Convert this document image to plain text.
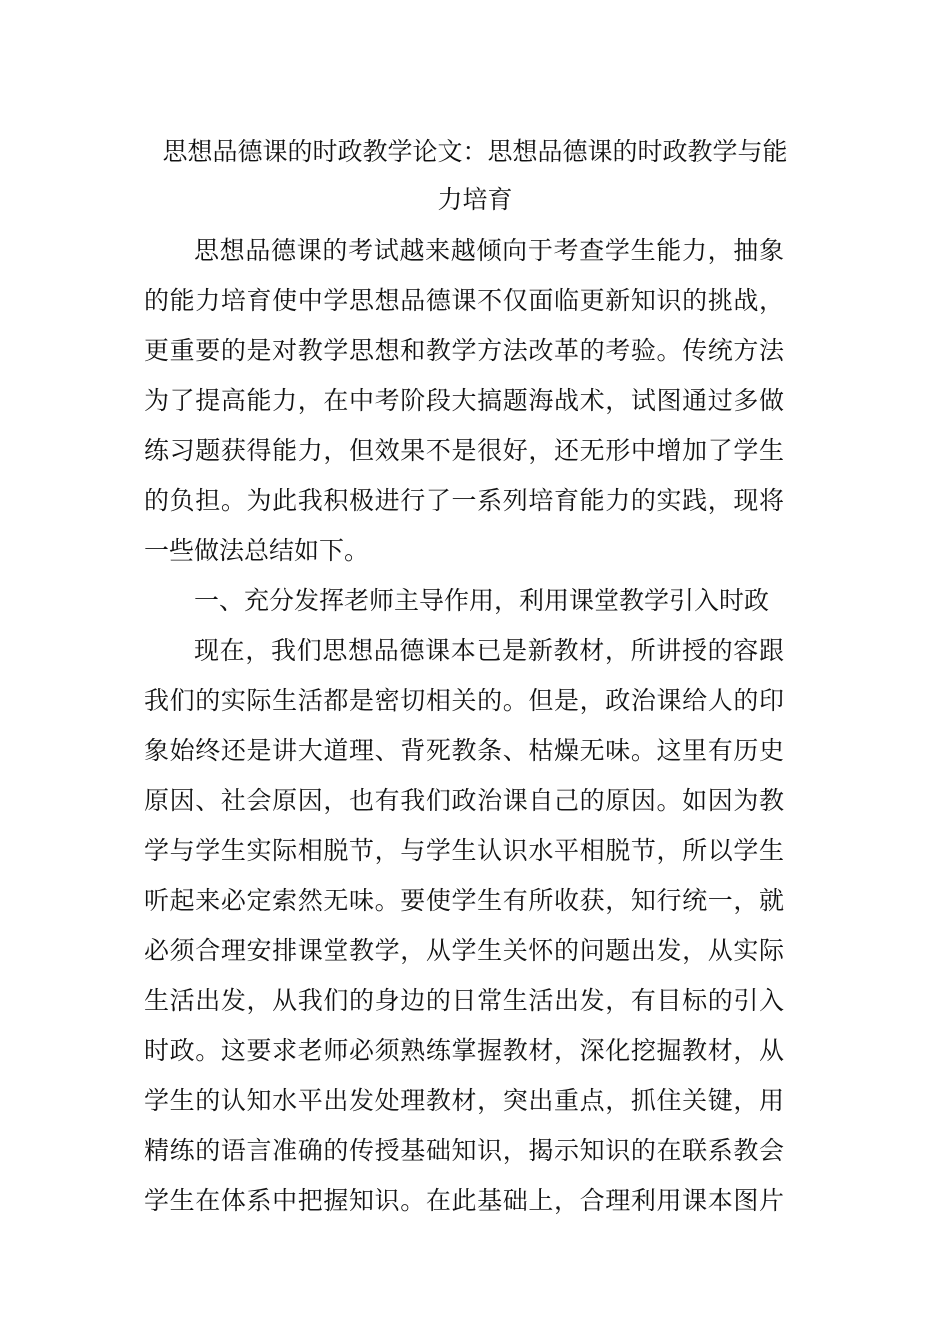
思想品德课的时政教学论文：思想品德课的时政教学与能
力培育
思想品德课的考试越来越倾向于考查学生能力，抽象
的能力培育使中学思想品德课不仅面临更新知识的挑战，
更重要的是对教学思想和教学方法改革的考验。传统方法
为了提高能力，在中考阶段大搞题海战术，试图通过多做
练习题获得能力，但效果不是很好，还无形中增加了学生
的负担。为此我积极进行了一系列培育能力的实践，现将
一些做法总结如下。
一、充分发挥老师主导作用，利用课堂教学引入时政
现在，我们思想品德课本已是新教材，所讲授的容跟
我们的实际生活都是密切相关的。但是，政治课给人的印
象始终还是讲大道理、背死教条、枯燥无味。这里有历史
原因、社会原因，也有我们政治课自己的原因。如因为教
学与学生实际相脱节，与学生认识水平相脱节，所以学生
听起来必定索然无味。要使学生有所收获，知行统一，就
必须合理安排课堂教学，从学生关怀的问题出发，从实际
生活出发，从我们的身边的日常生活出发，有目标的引入
时政。这要求老师必须熟练掌握教材，深化挖掘教材，从
学生的认知水平出发处理教材，突出重点，抓住关键，用
精练的语言准确的传授基础知识，揭示知识的在联系教会
学生在体系中把握知识。在此基础上，合理利用课本图片
